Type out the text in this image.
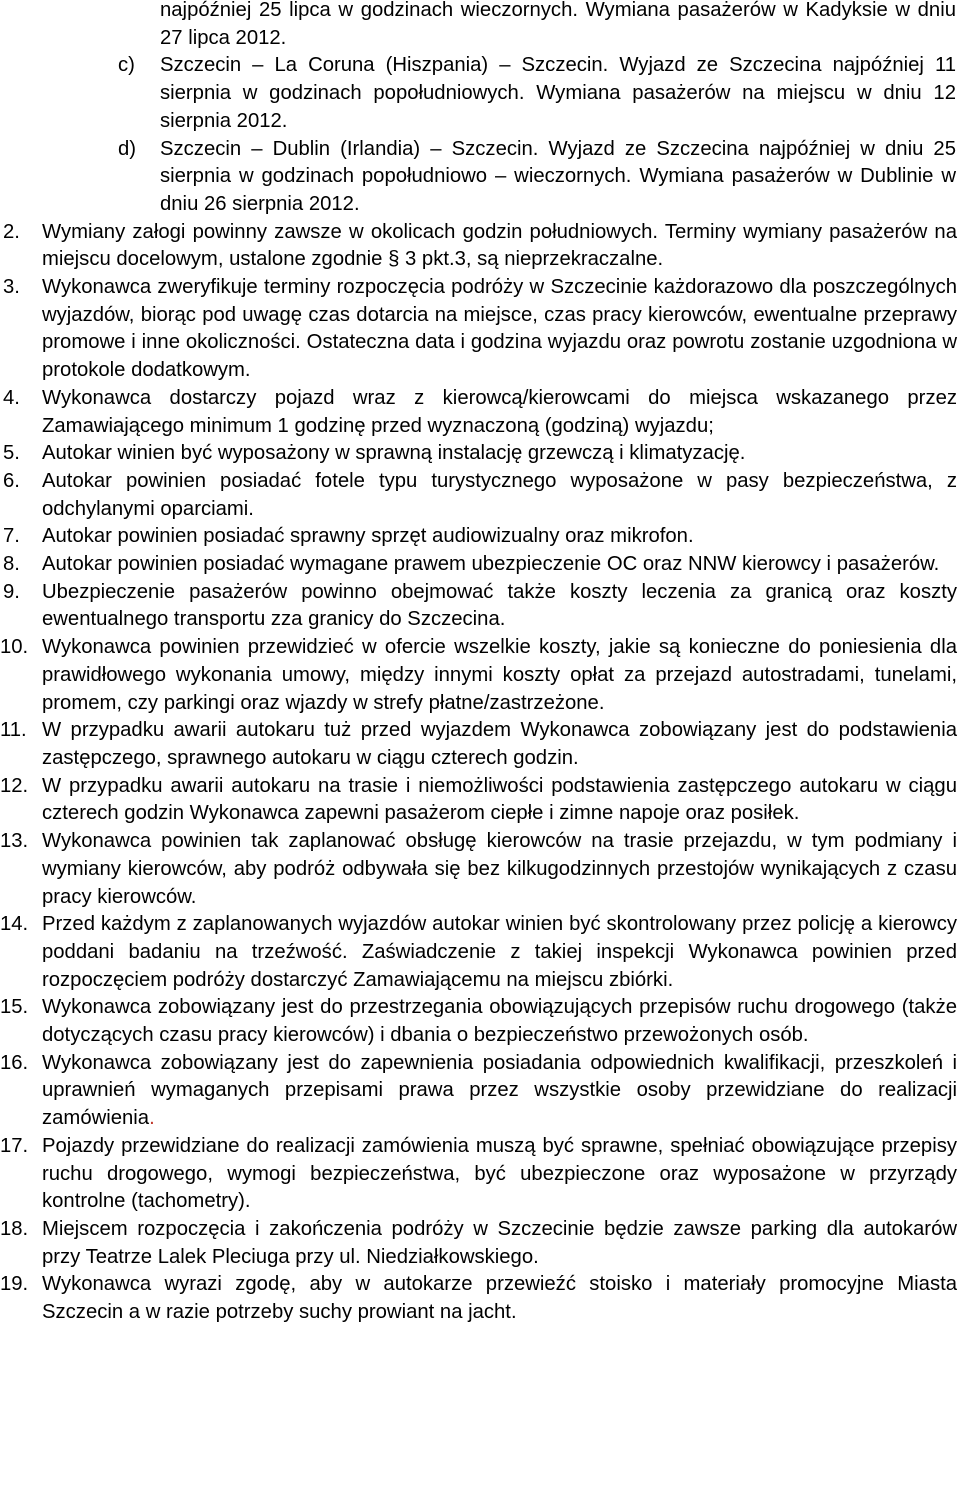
najpóźniej 25 lipca w godzinach wieczornych. Wymiana pasażerów w Kadyksie w dniu 27 lipca 2012.
c) Szczecin – La Coruna (Hiszpania) – Szczecin. Wyjazd ze Szczecina najpóźniej 11 sierpnia w godzinach popołudniowych. Wymiana pasażerów na miejscu w dniu 12 sierpnia 2012.
d) Szczecin – Dublin (Irlandia) – Szczecin. Wyjazd ze Szczecina najpóźniej w dniu 25 sierpnia w godzinach popołudniowo – wieczornych. Wymiana pasażerów w Dublinie w dniu 26 sierpnia 2012.
2. Wymiany załogi powinny zawsze w okolicach godzin południowych. Terminy wymiany pasażerów na miejscu docelowym, ustalone zgodnie § 3 pkt.3, są nieprzekraczalne.
3. Wykonawca zweryfikuje terminy rozpoczęcia podróży w Szczecinie każdorazowo dla poszczególnych wyjazdów, biorąc pod uwagę czas dotarcia na miejsce, czas pracy kierowców, ewentualne przeprawy promowe i inne okoliczności. Ostateczna data i godzina wyjazdu oraz powrotu zostanie uzgodniona w protokole dodatkowym.
4. Wykonawca dostarczy pojazd wraz z kierowcą/kierowcami do miejsca wskazanego przez Zamawiającego minimum 1 godzinę przed wyznaczoną (godziną) wyjazdu;
5. Autokar winien być wyposażony w sprawną instalację grzewczą i klimatyzację.
6. Autokar powinien posiadać fotele typu turystycznego wyposażone w pasy bezpieczeństwa, z odchylanymi oparciami.
7. Autokar powinien posiadać sprawny sprzęt audiowizualny oraz mikrofon.
8. Autokar powinien posiadać wymagane prawem ubezpieczenie OC oraz NNW kierowcy i pasażerów.
9. Ubezpieczenie pasażerów powinno obejmować także koszty leczenia za granicą oraz koszty ewentualnego transportu zza granicy do Szczecina.
10. Wykonawca powinien przewidzieć w ofercie wszelkie koszty, jakie są konieczne do poniesienia dla prawidłowego wykonania umowy, między innymi koszty opłat za przejazd autostradami, tunelami, promem, czy parkingi oraz wjazdy w strefy płatne/zastrzeżone.
11. W przypadku awarii autokaru tuż przed wyjazdem Wykonawca zobowiązany jest do podstawienia zastępczego, sprawnego autokaru w ciągu czterech godzin.
12. W przypadku awarii autokaru na trasie i niemożliwości podstawienia zastępczego autokaru w ciągu czterech godzin Wykonawca zapewni pasażerom ciepłe i zimne napoje oraz posiłek.
13. Wykonawca powinien tak zaplanować obsługę kierowców na trasie przejazdu, w tym podmiany i wymiany kierowców, aby podróż odbywała się bez kilkugodzinnych przestojów wynikających z czasu pracy kierowców.
14. Przed każdym z zaplanowanych wyjazdów autokar winien być skontrolowany przez policję a kierowcy poddani badaniu na trzeźwość. Zaświadczenie z takiej inspekcji Wykonawca powinien przed rozpoczęciem podróży dostarczyć Zamawiającemu na miejscu zbiórki.
15. Wykonawca zobowiązany jest do przestrzegania obowiązujących przepisów ruchu drogowego (także dotyczących czasu pracy kierowców) i dbania o bezpieczeństwo przewożonych osób.
16. Wykonawca zobowiązany jest do zapewnienia posiadania odpowiednich kwalifikacji, przeszkoleń i uprawnień wymaganych przepisami prawa przez wszystkie osoby przewidziane do realizacji zamówienia.
17. Pojazdy przewidziane do realizacji zamówienia muszą być sprawne, spełniać obowiązujące przepisy ruchu drogowego, wymogi bezpieczeństwa, być ubezpieczone oraz wyposażone w przyrządy kontrolne (tachometry).
18. Miejscem rozpoczęcia i zakończenia podróży w Szczecinie będzie zawsze parking dla autokarów przy Teatrze Lalek Pleciuga przy ul. Niedziałkowskiego.
19. Wykonawca wyrazi zgodę, aby w autokarze przewieźć stoisko i materiały promocyjne Miasta Szczecin a w razie potrzeby suchy prowiant na jacht.
